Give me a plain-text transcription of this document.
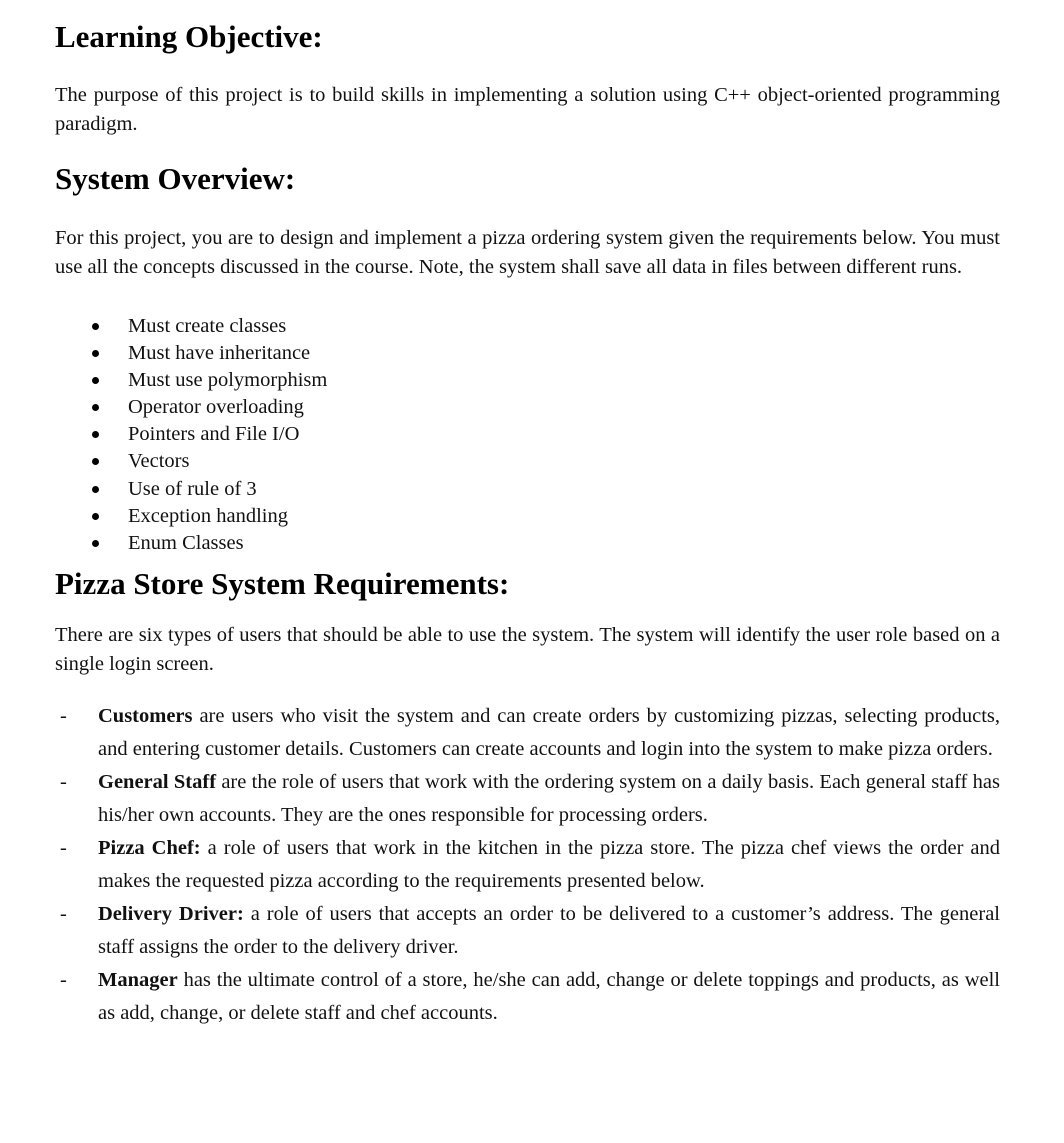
Learning Objective:

The purpose of this project is to build skills in implementing a solution using C++ object-oriented programming paradigm.

System Overview:

For this project, you are to design and implement a pizza ordering system given the requirements below. You must use all the concepts discussed in the course. Note, the system shall save all data in files between different runs.

Must create classes
Must have inheritance
Must use polymorphism
Operator overloading
Pointers and File I/O
Vectors
Use of rule of 3
Exception handling
Enum Classes
Pizza Store System Requirements:

There are six types of users that should be able to use the system. The system will identify the user role based on a single login screen.

- Customers are users who visit the system and can create orders by customizing pizzas, selecting products, and entering customer details. Customers can create accounts and login into the system to make pizza orders.
- General Staff are the role of users that work with the ordering system on a daily basis. Each general staff has his/her own accounts. They are the ones responsible for processing orders.
- Pizza Chef: a role of users that work in the kitchen in the pizza store. The pizza chef views the order and makes the requested pizza according to the requirements presented below.
- Delivery Driver: a role of users that accepts an order to be delivered to a customer’s address. The general staff assigns the order to the delivery driver.
- Manager has the ultimate control of a store, he/she can add, change or delete toppings and products, as well as add, change, or delete staff and chef accounts.
